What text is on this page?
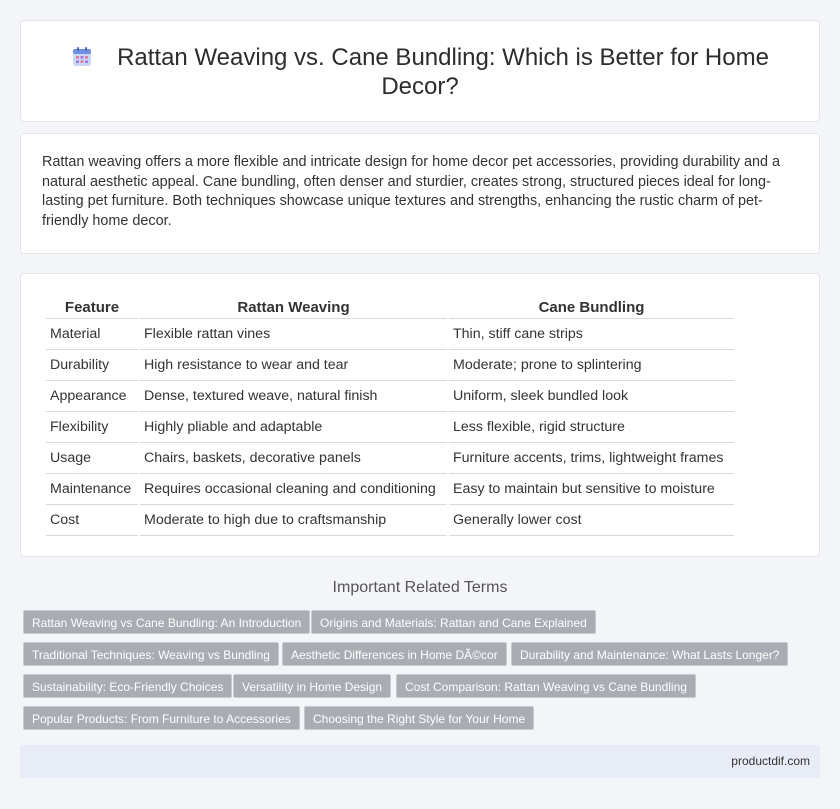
Rattan Weaving vs. Cane Bundling: Which is Better for Home Decor?

Rattan weaving offers a more flexible and intricate design for home decor pet accessories, providing durability and a natural aesthetic appeal. Cane bundling, often denser and sturdier, creates strong, structured pieces ideal for long-lasting pet furniture. Both techniques showcase unique textures and strengths, enhancing the rustic charm of pet-friendly home decor.

Feature	Rattan Weaving	Cane Bundling
Material	Flexible rattan vines	Thin, stiff cane strips
Durability	High resistance to wear and tear	Moderate; prone to splintering
Appearance	Dense, textured weave, natural finish	Uniform, sleek bundled look
Flexibility	Highly pliable and adaptable	Less flexible, rigid structure
Usage	Chairs, baskets, decorative panels	Furniture accents, trims, lightweight frames
Maintenance	Requires occasional cleaning and conditioning	Easy to maintain but sensitive to moisture
Cost	Moderate to high due to craftsmanship	Generally lower cost
Important Related Terms
Rattan Weaving vs Cane Bundling: An Introduction	Origins and Materials: Rattan and Cane Explained
Traditional Techniques: Weaving vs Bundling	Aesthetic Differences in Home DÃ©cor	Durability and Maintenance: What Lasts Longer?
Sustainability: Eco-Friendly Choices	Versatility in Home Design	Cost Comparison: Rattan Weaving vs Cane Bundling
Popular Products: From Furniture to Accessories	Choosing the Right Style for Your Home
productdif.com
